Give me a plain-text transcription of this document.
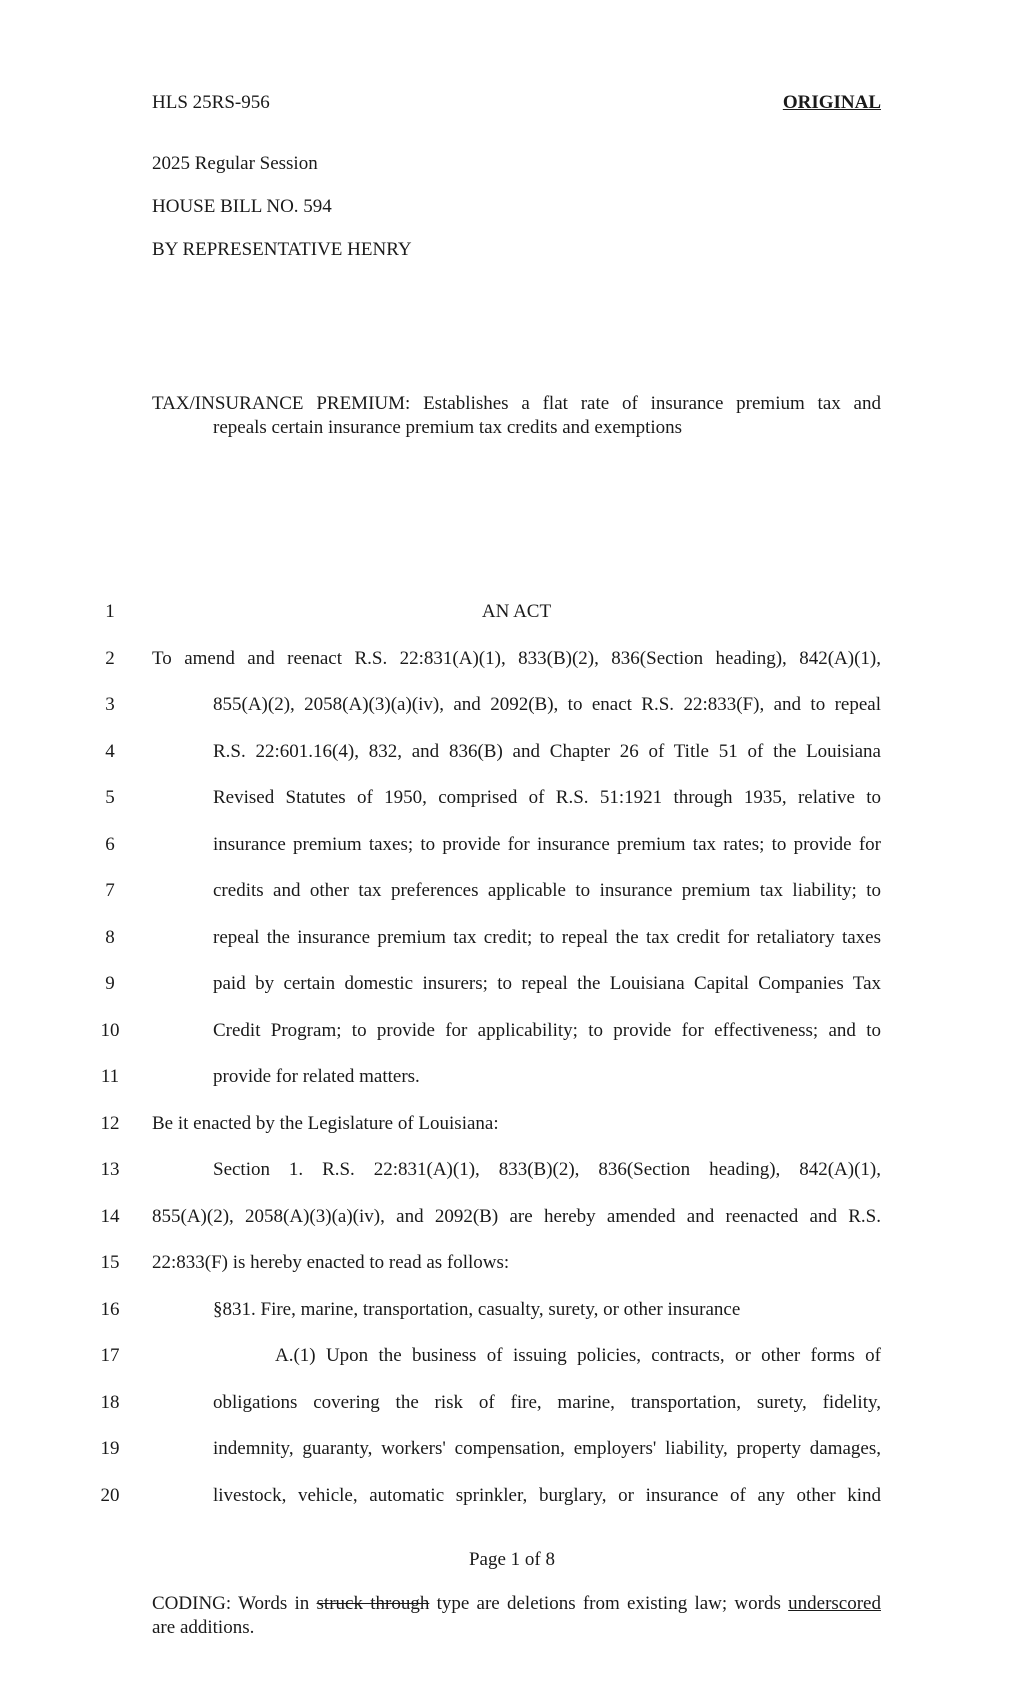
HLS 25RS-956	ORIGINAL
2025 Regular Session
HOUSE BILL NO. 594
BY REPRESENTATIVE HENRY
TAX/INSURANCE PREMIUM: Establishes a flat rate of insurance premium tax and
repeals certain insurance premium tax credits and exemptions
1
2
3
4
5
6
7
8
9
10
11
12
13
14
15
16
17
18
19
20
AN ACT
To amend and reenact R.S. 22:831(A)(1), 833(B)(2), 836(Section heading), 842(A)(1),
855(A)(2), 2058(A)(3)(a)(iv), and 2092(B), to enact R.S. 22:833(F), and to repeal
R.S. 22:601.16(4), 832, and 836(B) and Chapter 26 of Title 51 of the Louisiana
Revised Statutes of 1950, comprised of R.S. 51:1921 through 1935, relative to
insurance premium taxes; to provide for insurance premium tax rates; to provide for
credits and other tax preferences applicable to insurance premium tax liability; to
repeal the insurance premium tax credit; to repeal the tax credit for retaliatory taxes
paid by certain domestic insurers; to repeal the Louisiana Capital Companies Tax
Credit Program; to provide for applicability; to provide for effectiveness; and to
provide for related matters.
Be it enacted by the Legislature of Louisiana:
Section 1. R.S. 22:831(A)(1), 833(B)(2), 836(Section heading), 842(A)(1),
855(A)(2), 2058(A)(3)(a)(iv), and 2092(B) are hereby amended and reenacted and R.S.
22:833(F) is hereby enacted to read as follows:
§831. Fire, marine, transportation, casualty, surety, or other insurance
A.(1) Upon the business of issuing policies, contracts, or other forms of
obligations covering the risk of fire, marine, transportation, surety, fidelity,
indemnity, guaranty, workers' compensation, employers' liability, property damages,
livestock, vehicle, automatic sprinkler, burglary, or insurance of any other kind
Page 1 of 8
CODING: Words in struck through type are deletions from existing law; words underscored
are additions.
